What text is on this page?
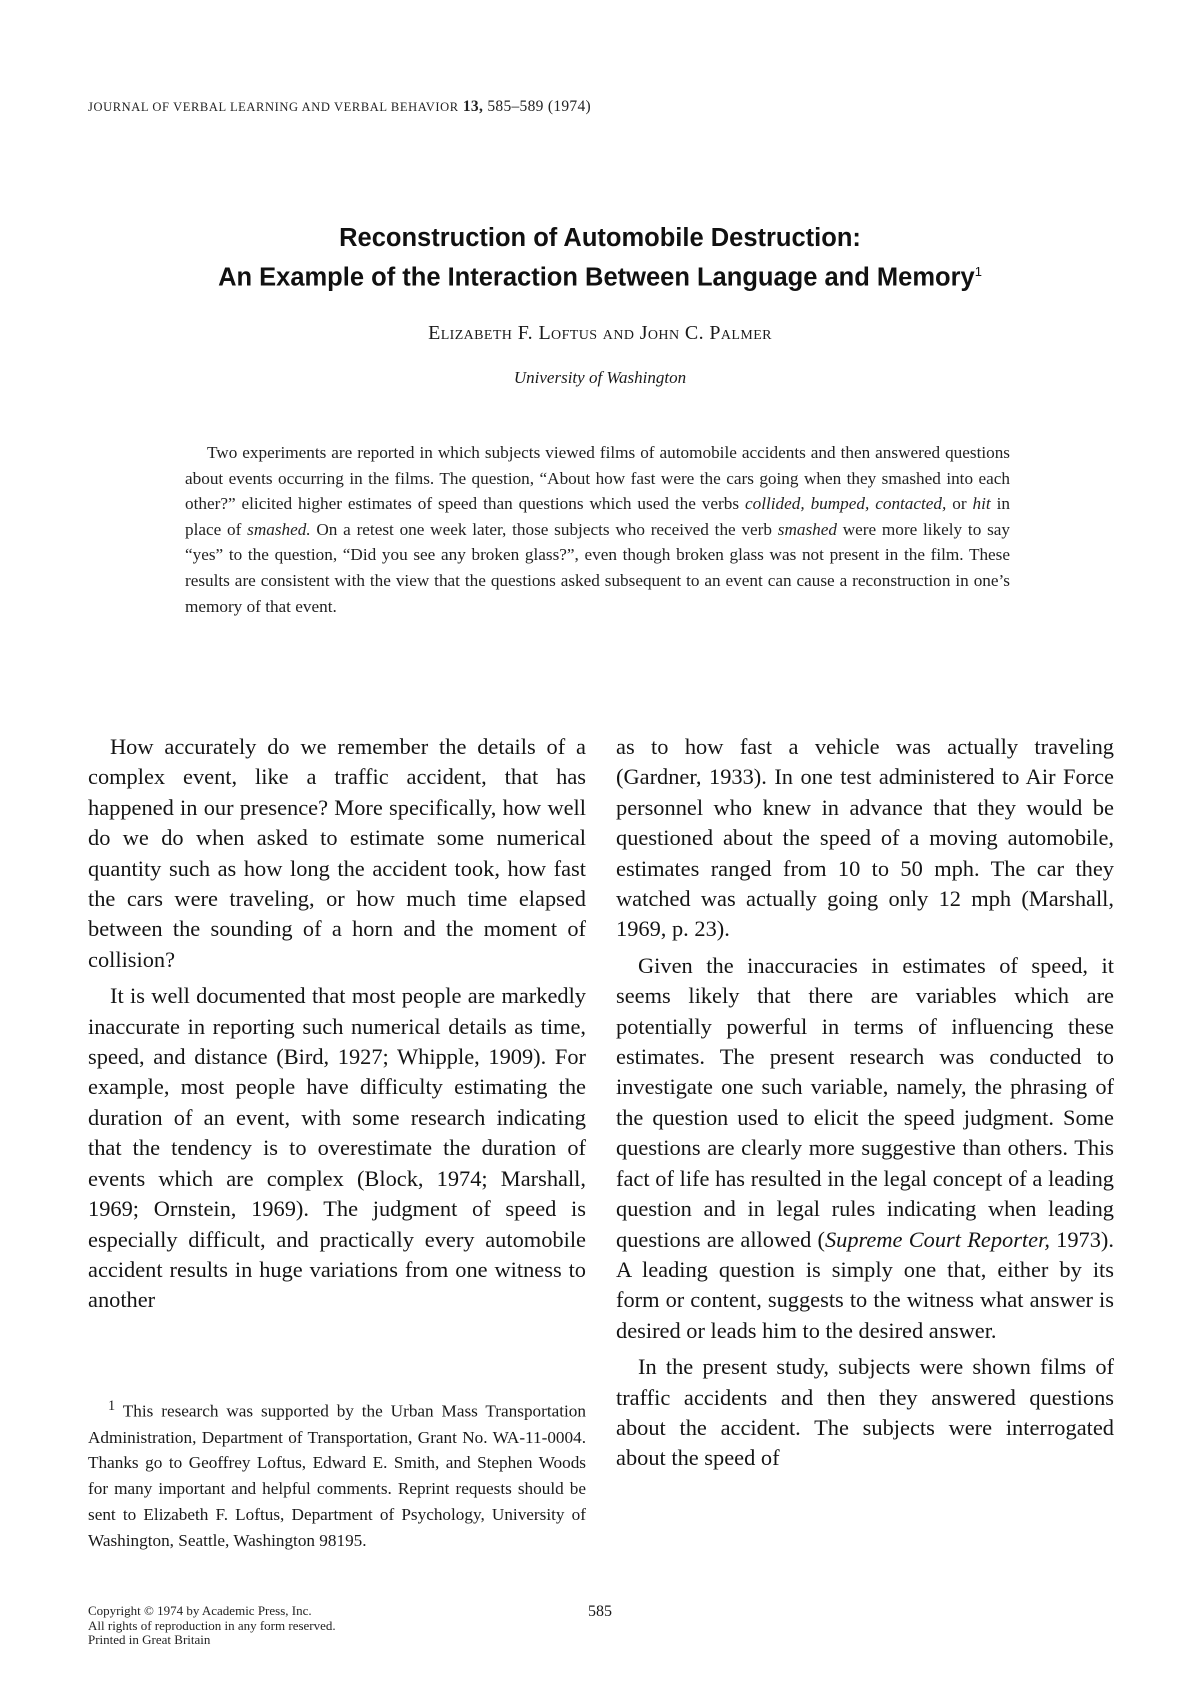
JOURNAL OF VERBAL LEARNING AND VERBAL BEHAVIOR 13, 585–589 (1974)
Reconstruction of Automobile Destruction:
An Example of the Interaction Between Language and Memory$^1$
Elizabeth F. Loftus and John C. Palmer
University of Washington

Two experiments are reported in which subjects viewed films of automobile accidents and then answered questions about events occurring in the films. The question, “About how fast were the cars going when they smashed into each other?” elicited higher estimates of speed than questions which used the verbs collided, bumped, contacted, or hit in place of smashed. On a retest one week later, those subjects who received the verb smashed were more likely to say “yes” to the question, “Did you see any broken glass?”, even though broken glass was not present in the film. These results are consistent with the view that the questions asked subsequent to an event can cause a reconstruction in one’s memory of that event.

How accurately do we remember the details of a complex event, like a traffic accident, that has happened in our presence? More specifically, how well do we do when asked to estimate some numerical quantity such as how long the accident took, how fast the cars were traveling, or how much time elapsed between the sounding of a horn and the moment of collision?

It is well documented that most people are markedly inaccurate in reporting such numerical details as time, speed, and distance (Bird, 1927; Whipple, 1909). For example, most people have difficulty estimating the duration of an event, with some research indicating that the tendency is to overestimate the duration of events which are complex (Block, 1974; Marshall, 1969; Ornstein, 1969). The judgment of speed is especially difficult, and practically every automobile accident results in huge variations from one witness to another

as to how fast a vehicle was actually traveling (Gardner, 1933). In one test administered to Air Force personnel who knew in advance that they would be questioned about the speed of a moving automobile, estimates ranged from 10 to 50 mph. The car they watched was actually going only 12 mph (Marshall, 1969, p. 23).

Given the inaccuracies in estimates of speed, it seems likely that there are variables which are potentially powerful in terms of influencing these estimates. The present research was conducted to investigate one such variable, namely, the phrasing of the question used to elicit the speed judgment. Some questions are clearly more suggestive than others. This fact of life has resulted in the legal concept of a leading question and in legal rules indicating when leading questions are allowed (Supreme Court Reporter, 1973). A leading question is simply one that, either by its form or content, suggests to the witness what answer is desired or leads him to the desired answer.

In the present study, subjects were shown films of traffic accidents and then they answered questions about the accident. The subjects were interrogated about the speed of

$^1$ This research was supported by the Urban Mass Transportation Administration, Department of Transportation, Grant No. WA-11-0004. Thanks go to Geoffrey Loftus, Edward E. Smith, and Stephen Woods for many important and helpful comments. Reprint requests should be sent to Elizabeth F. Loftus, Department of Psychology, University of Washington, Seattle, Washington 98195.

Copyright © 1974 by Academic Press, Inc.
All rights of reproduction in any form reserved.
Printed in Great Britain
585
